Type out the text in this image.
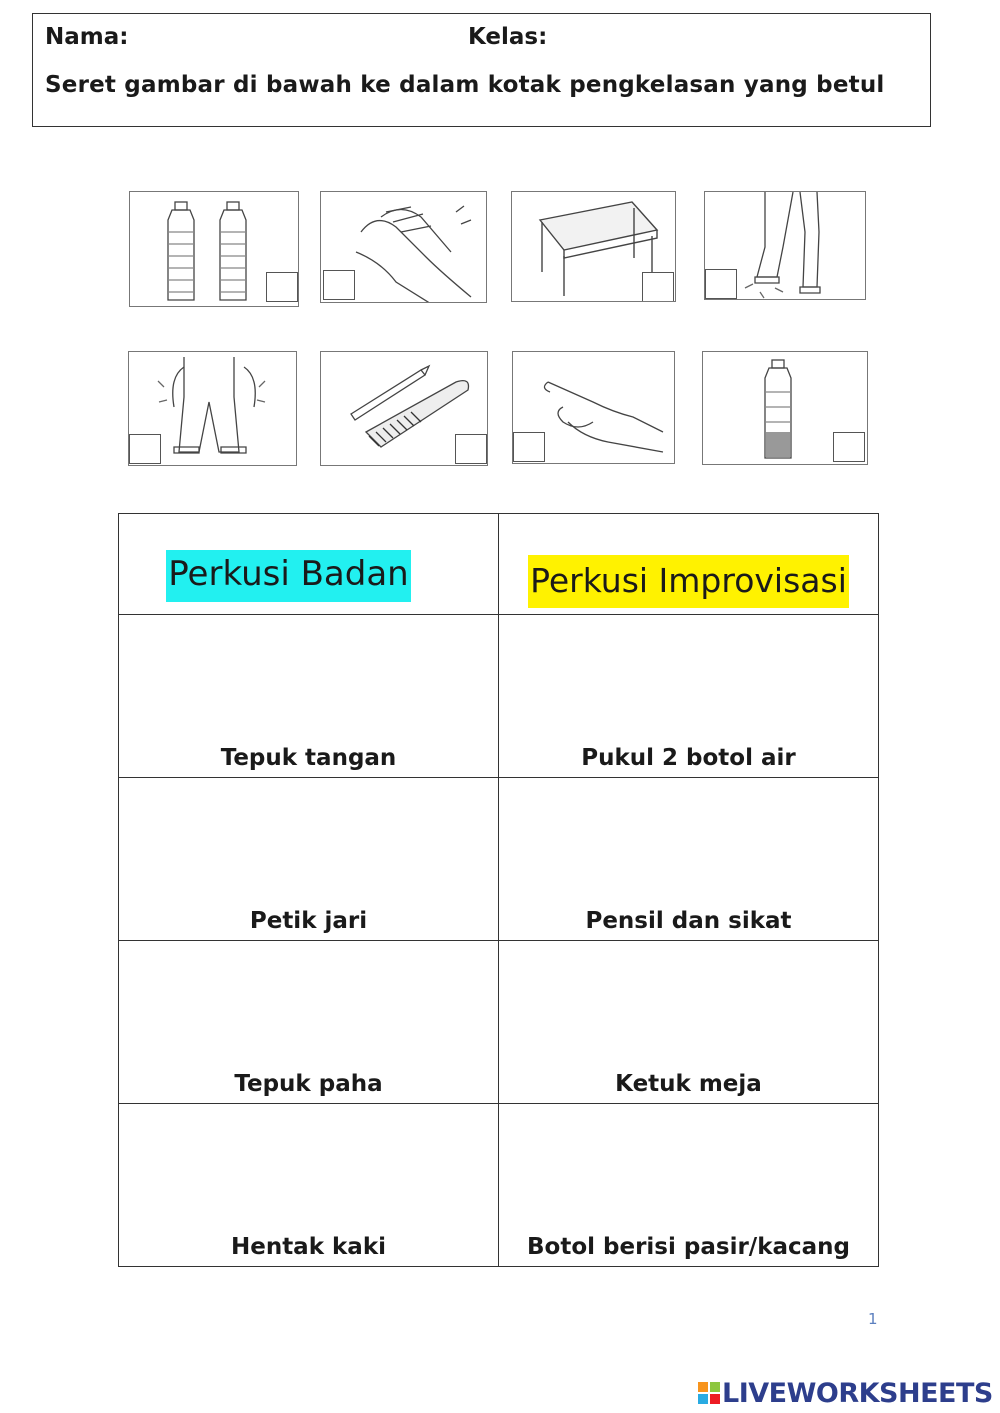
Nama:	Kelas:
Seret gambar di bawah ke dalam kotak pengkelasan yang betul
Perkusi Badan	Perkusi Improvisasi
Tepuk tangan	Pukul 2 botol air
Petik jari	Pensil dan sikat
Tepuk paha	Ketuk meja
Hentak kaki	Botol berisi pasir/kacang
1
LIVEWORKSHEETS
